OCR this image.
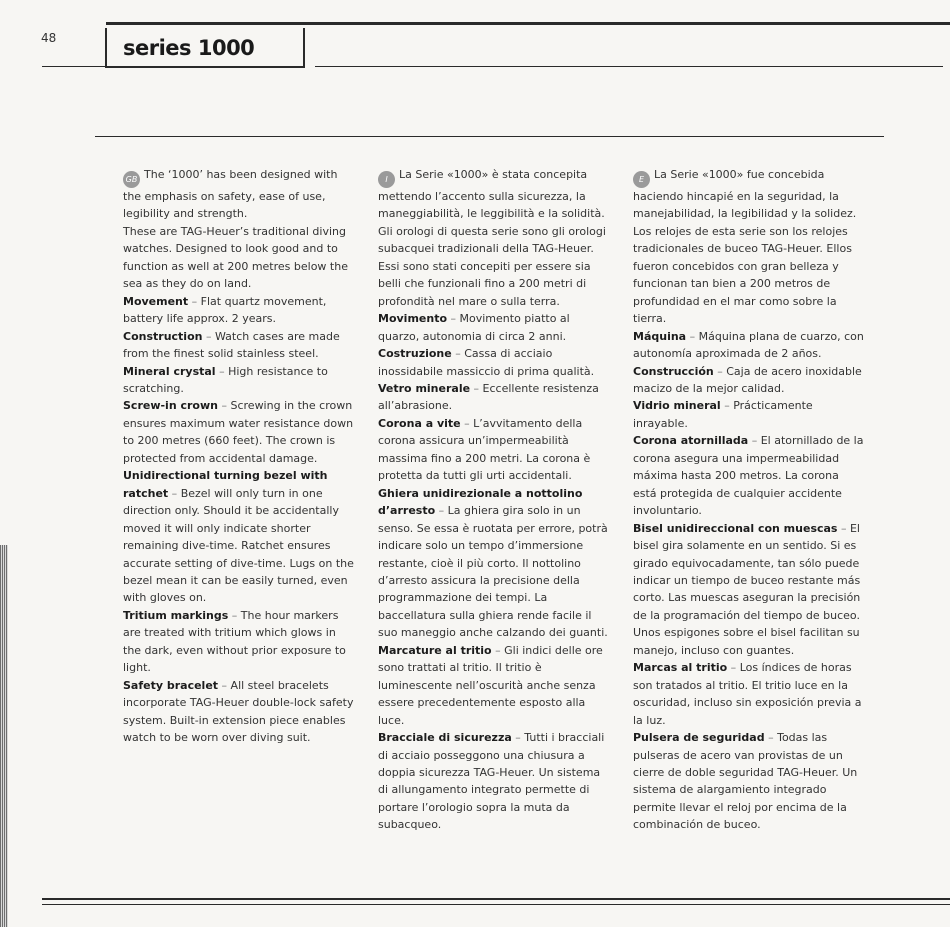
48	series 1000

GB The ‘1000’ has been designed with the emphasis on safety, ease of use, legibility and strength.

These are TAG-Heuer’s traditional diving watches. Designed to look good and to function as well at 200 metres below the sea as they do on land.

Movement – Flat quartz movement, battery life approx. 2 years.

Construction – Watch cases are made from the finest solid stainless steel.

Mineral crystal – High resistance to scratching.

Screw-in crown – Screwing in the crown ensures maximum water resistance down to 200 metres (660 feet). The crown is protected from accidental damage.

Unidirectional turning bezel with ratchet – Bezel will only turn in one direction only. Should it be accidentally moved it will only indicate shorter remaining dive-time. Ratchet ensures accurate setting of dive-time. Lugs on the bezel mean it can be easily turned, even with gloves on.

Tritium markings – The hour markers are treated with tritium which glows in the dark, even without prior exposure to light.

Safety bracelet – All steel bracelets incorporate TAG-Heuer double-lock safety system. Built-in extension piece enables watch to be worn over diving suit.

I La Serie «1000» è stata concepita mettendo l’accento sulla sicurezza, la maneggiabilità, le leggibilità e la solidità. Gli orologi di questa serie sono gli orologi subacquei tradizionali della TAG-Heuer. Essi sono stati concepiti per essere sia belli che funzionali fino a 200 metri di profondità nel mare o sulla terra.

Movimento – Movimento piatto al quarzo, autonomia di circa 2 anni.

Costruzione – Cassa di acciaio inossidabile massiccio di prima qualità.

Vetro minerale – Eccellente resistenza all’abrasione.

Corona a vite – L’avvitamento della corona assicura un’impermeabilità massima fino a 200 metri. La corona è protetta da tutti gli urti accidentali.

Ghiera unidirezionale a nottolino d’arresto – La ghiera gira solo in un senso. Se essa è ruotata per errore, potrà indicare solo un tempo d’immersione restante, cioè il più corto. Il nottolino d’arresto assicura la precisione della programmazione dei tempi. La baccellatura sulla ghiera rende facile il suo maneggio anche calzando dei guanti.

Marcature al tritio – Gli indici delle ore sono trattati al tritio. Il tritio è luminescente nell’oscurità anche senza essere precedentemente esposto alla luce.

Bracciale di sicurezza – Tutti i bracciali di acciaio posseggono una chiusura a doppia sicurezza TAG-Heuer. Un sistema di allungamento integrato permette di portare l’orologio sopra la muta da subacqueo.

E La Serie «1000» fue concebida haciendo hincapié en la seguridad, la manejabilidad, la legibilidad y la solidez.

Los relojes de esta serie son los relojes tradicionales de buceo TAG-Heuer. Ellos fueron concebidos con gran belleza y funcionan tan bien a 200 metros de profundidad en el mar como sobre la tierra.

Máquina – Máquina plana de cuarzo, con autonomía aproximada de 2 años.

Construcción – Caja de acero inoxidable macizo de la mejor calidad.

Vidrio mineral – Prácticamente inrayable.

Corona atornillada – El atornillado de la corona asegura una impermeabilidad máxima hasta 200 metros. La corona está protegida de cualquier accidente involuntario.

Bisel unidireccional con muescas – El bisel gira solamente en un sentido. Si es girado equivocadamente, tan sólo puede indicar un tiempo de buceo restante más corto. Las muescas aseguran la precisión de la programación del tiempo de buceo. Unos espigones sobre el bisel facilitan su manejo, incluso con guantes.

Marcas al tritio – Los índices de horas son tratados al tritio. El tritio luce en la oscuridad, incluso sin exposición previa a la luz.

Pulsera de seguridad – Todas las pulseras de acero van provistas de un cierre de doble seguridad TAG-Heuer. Un sistema de alargamiento integrado permite llevar el reloj por encima de la combinación de buceo.
